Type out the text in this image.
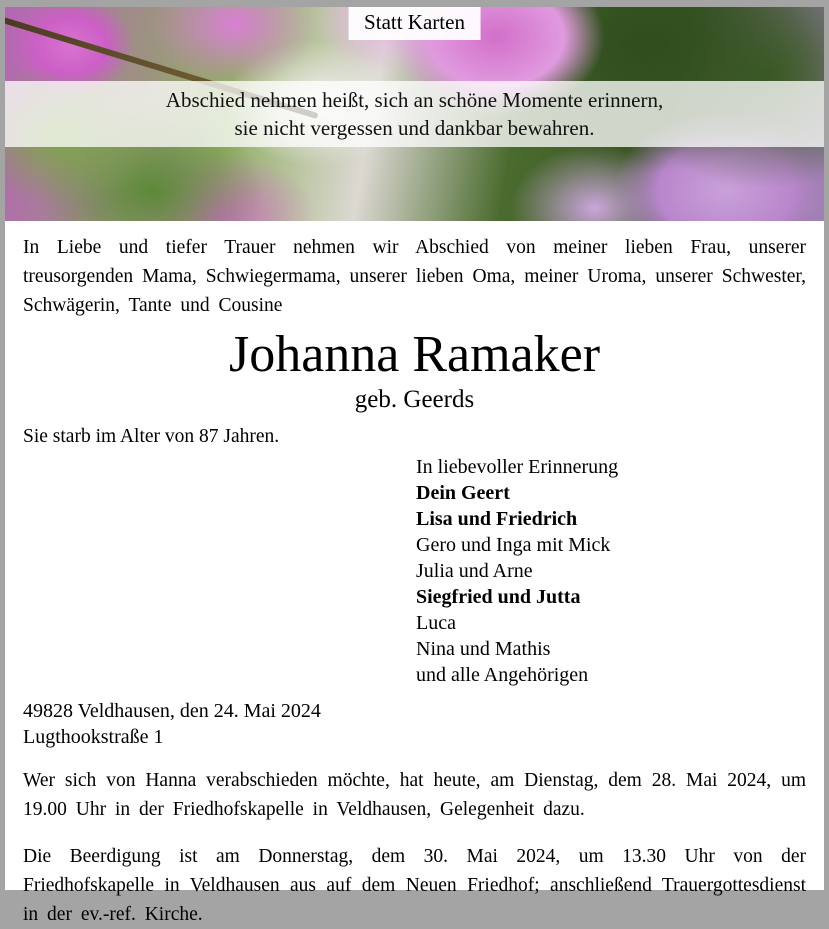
Statt Karten
Abschied nehmen heißt, sich an schöne Momente erinnern,
sie nicht vergessen und dankbar bewahren.

In Liebe und tiefer Trauer nehmen wir Abschied von meiner lieben Frau, unserer treusorgenden Mama, Schwiegermama, unserer lieben Oma, meiner Uroma, unserer Schwester, Schwägerin, Tante und Cousine

Johanna Ramaker
geb. Geerds
Sie starb im Alter von 87 Jahren.
In liebevoller Erinnerung
Dein Geert
Lisa und Friedrich
Gero und Inga mit Mick
Julia und Arne
Siegfried und Jutta
Luca
Nina und Mathis
und alle Angehörigen
49828 Veldhausen, den 24. Mai 2024
Lugthookstraße 1

Wer sich von Hanna verabschieden möchte, hat heute, am Dienstag, dem 28. Mai 2024, um 19.00 Uhr in der Friedhofskapelle in Veldhausen, Gelegenheit dazu.

Die Beerdigung ist am Donnerstag, dem 30. Mai 2024, um 13.30 Uhr von der Friedhofskapelle in Veldhausen aus auf dem Neuen Friedhof; anschließend Trauergottesdienst in der ev.-ref. Kirche.
